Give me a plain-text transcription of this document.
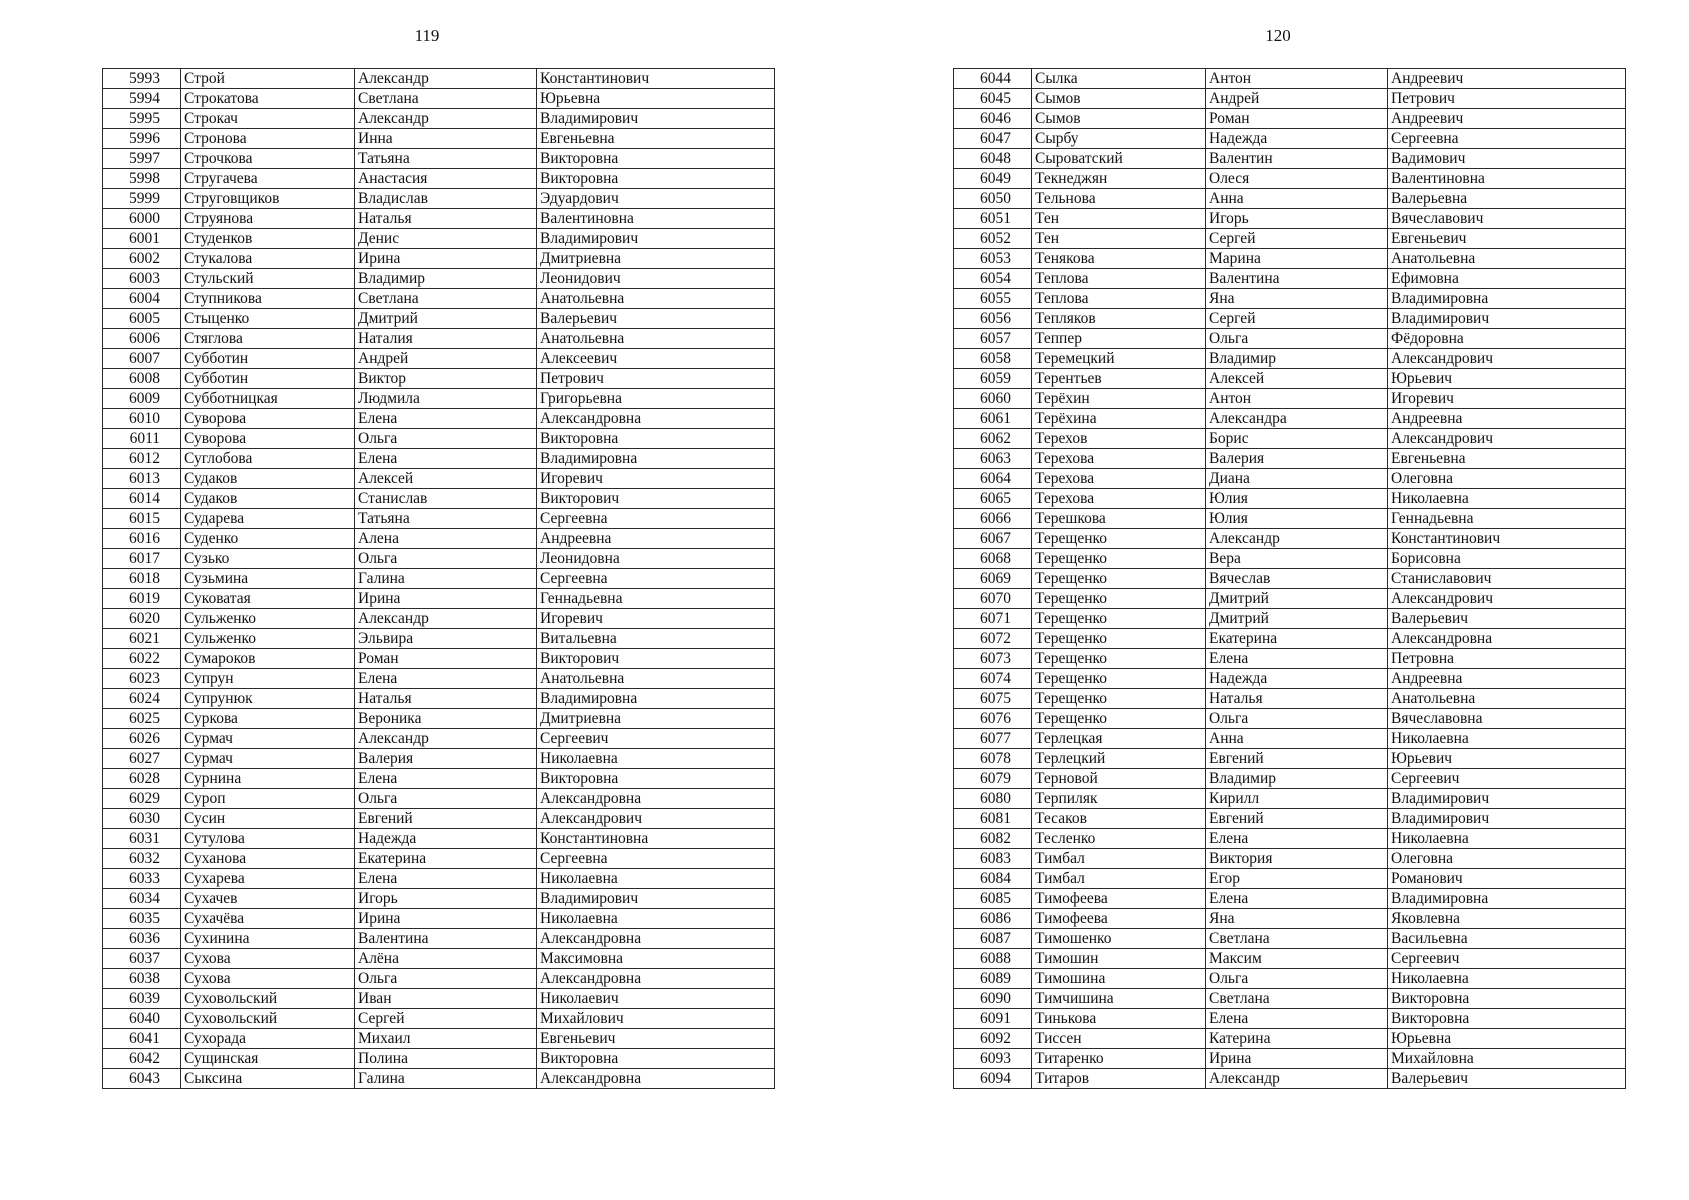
119	120
5993	Строй	Александр	Константинович
5994	Строкатова	Светлана	Юрьевна
5995	Строкач	Александр	Владимирович
5996	Стронова	Инна	Евгеньевна
5997	Строчкова	Татьяна	Викторовна
5998	Стругачева	Анастасия	Викторовна
5999	Струговщиков	Владислав	Эдуардович
6000	Струянова	Наталья	Валентиновна
6001	Студенков	Денис	Владимирович
6002	Стукалова	Ирина	Дмитриевна
6003	Стульский	Владимир	Леонидович
6004	Ступникова	Светлана	Анатольевна
6005	Стыценко	Дмитрий	Валерьевич
6006	Стяглова	Наталия	Анатольевна
6007	Субботин	Андрей	Алексеевич
6008	Субботин	Виктор	Петрович
6009	Субботницкая	Людмила	Григорьевна
6010	Суворова	Елена	Александровна
6011	Суворова	Ольга	Викторовна
6012	Суглобова	Елена	Владимировна
6013	Судаков	Алексей	Игоревич
6014	Судаков	Станислав	Викторович
6015	Сударева	Татьяна	Сергеевна
6016	Суденко	Алена	Андреевна
6017	Сузько	Ольга	Леонидовна
6018	Сузьмина	Галина	Сергеевна
6019	Суковатая	Ирина	Геннадьевна
6020	Сульженко	Александр	Игоревич
6021	Сульженко	Эльвира	Витальевна
6022	Сумароков	Роман	Викторович
6023	Супрун	Елена	Анатольевна
6024	Супрунюк	Наталья	Владимировна
6025	Суркова	Вероника	Дмитриевна
6026	Сурмач	Александр	Сергеевич
6027	Сурмач	Валерия	Николаевна
6028	Сурнина	Елена	Викторовна
6029	Суроп	Ольга	Александровна
6030	Сусин	Евгений	Александрович
6031	Сутулова	Надежда	Константиновна
6032	Суханова	Екатерина	Сергеевна
6033	Сухарева	Елена	Николаевна
6034	Сухачев	Игорь	Владимирович
6035	Сухачёва	Ирина	Николаевна
6036	Сухинина	Валентина	Александровна
6037	Сухова	Алёна	Максимовна
6038	Сухова	Ольга	Александровна
6039	Суховольский	Иван	Николаевич
6040	Суховольский	Сергей	Михайлович
6041	Сухорада	Михаил	Евгеньевич
6042	Сущинская	Полина	Викторовна
6043	Сыксина	Галина	Александровна
6044	Сылка	Антон	Андреевич
6045	Сымов	Андрей	Петрович
6046	Сымов	Роман	Андреевич
6047	Сырбу	Надежда	Сергеевна
6048	Сыроватский	Валентин	Вадимович
6049	Текнеджян	Олеся	Валентиновна
6050	Тельнова	Анна	Валерьевна
6051	Тен	Игорь	Вячеславович
6052	Тен	Сергей	Евгеньевич
6053	Тенякова	Марина	Анатольевна
6054	Теплова	Валентина	Ефимовна
6055	Теплова	Яна	Владимировна
6056	Тепляков	Сергей	Владимирович
6057	Теппер	Ольга	Фёдоровна
6058	Теремецкий	Владимир	Александрович
6059	Терентьев	Алексей	Юрьевич
6060	Терёхин	Антон	Игоревич
6061	Терёхина	Александра	Андреевна
6062	Терехов	Борис	Александрович
6063	Терехова	Валерия	Евгеньевна
6064	Терехова	Диана	Олеговна
6065	Терехова	Юлия	Николаевна
6066	Терешкова	Юлия	Геннадьевна
6067	Терещенко	Александр	Константинович
6068	Терещенко	Вера	Борисовна
6069	Терещенко	Вячеслав	Станиславович
6070	Терещенко	Дмитрий	Александрович
6071	Терещенко	Дмитрий	Валерьевич
6072	Терещенко	Екатерина	Александровна
6073	Терещенко	Елена	Петровна
6074	Терещенко	Надежда	Андреевна
6075	Терещенко	Наталья	Анатольевна
6076	Терещенко	Ольга	Вячеславовна
6077	Терлецкая	Анна	Николаевна
6078	Терлецкий	Евгений	Юрьевич
6079	Терновой	Владимир	Сергеевич
6080	Терпиляк	Кирилл	Владимирович
6081	Тесаков	Евгений	Владимирович
6082	Тесленко	Елена	Николаевна
6083	Тимбал	Виктория	Олеговна
6084	Тимбал	Егор	Романович
6085	Тимофеева	Елена	Владимировна
6086	Тимофеева	Яна	Яковлевна
6087	Тимошенко	Светлана	Васильевна
6088	Тимошин	Максим	Сергеевич
6089	Тимошина	Ольга	Николаевна
6090	Тимчишина	Светлана	Викторовна
6091	Тинькова	Елена	Викторовна
6092	Тиссен	Катерина	Юрьевна
6093	Титаренко	Ирина	Михайловна
6094	Титаров	Александр	Валерьевич
